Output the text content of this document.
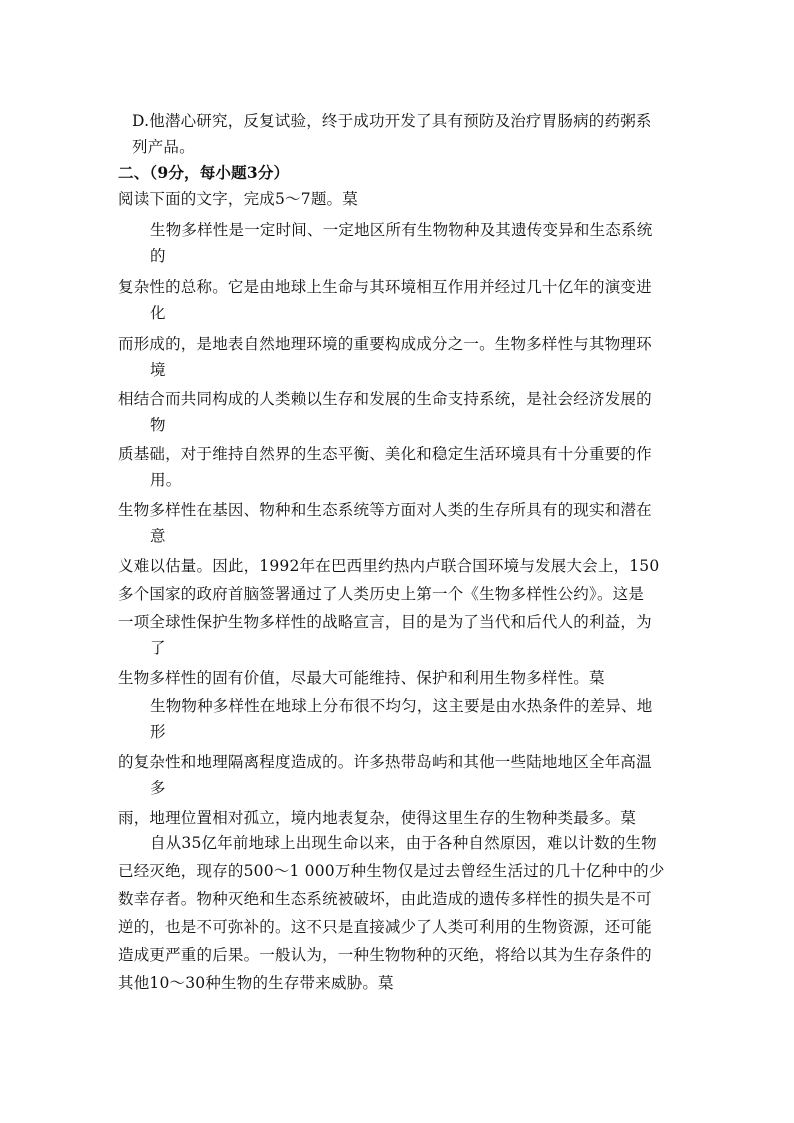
D.他潜心研究，反复试验，终于成功开发了具有预防及治疗胃肠病的药粥系
列产品。
二、（9分，每小题3分）
阅读下面的文字，完成5～7题。菒
生物多样性是一定时间、一定地区所有生物物种及其遗传变异和生态系统
的
复杂性的总称。它是由地球上生命与其环境相互作用并经过几十亿年的演变进
化
而形成的，是地表自然地理环境的重要构成成分之一。生物多样性与其物理环
境
相结合而共同构成的人类赖以生存和发展的生命支持系统，是社会经济发展的
物
质基础，对于维持自然界的生态平衡、美化和稳定生活环境具有十分重要的作
用。
生物多样性在基因、物种和生态系统等方面对人类的生存所具有的现实和潜在
意
义难以估量。因此，1992年在巴西里约热内卢联合国环境与发展大会上，150
多个国家的政府首脑签署通过了人类历史上第一个《生物多样性公约》。这是
一项全球性保护生物多样性的战略宣言，目的是为了当代和后代人的利益，为
了
生物多样性的固有价值，尽最大可能维持、保护和利用生物多样性。菒
生物物种多样性在地球上分布很不均匀，这主要是由水热条件的差异、地
形
的复杂性和地理隔离程度造成的。许多热带岛屿和其他一些陆地地区全年高温
多
雨，地理位置相对孤立，境内地表复杂，使得这里生存的生物种类最多。菒
自从35亿年前地球上出现生命以来，由于各种自然原因，难以计数的生物
已经灭绝，现存的500～1 000万种生物仅是过去曾经生活过的几十亿种中的少
数幸存者。物种灭绝和生态系统被破坏，由此造成的遗传多样性的损失是不可
逆的，也是不可弥补的。这不只是直接减少了人类可利用的生物资源，还可能
造成更严重的后果。一般认为，一种生物物种的灭绝，将给以其为生存条件的
其他10～30种生物的生存带来威胁。菒
